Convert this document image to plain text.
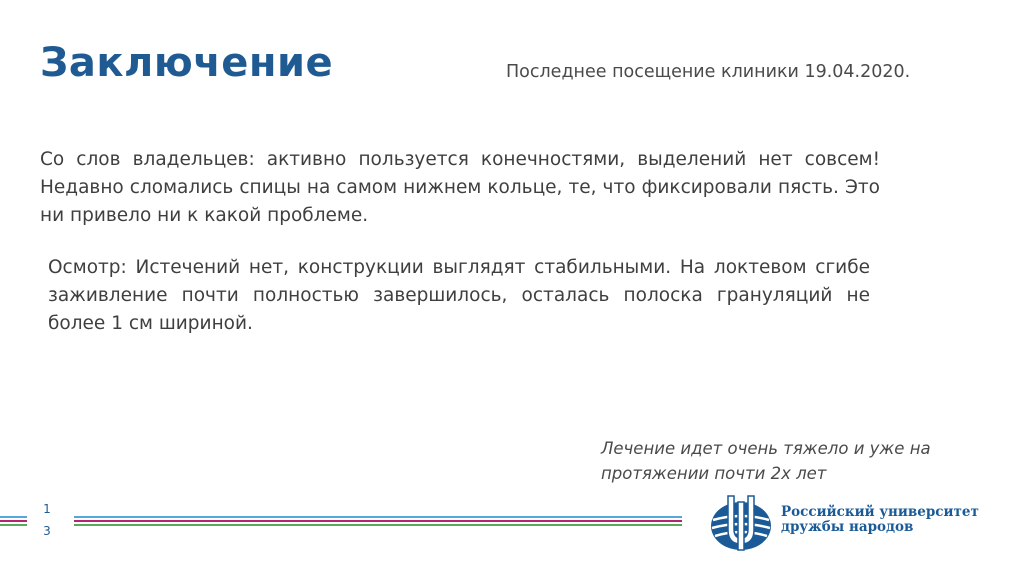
Заключение	Последнее посещение клиники 19.04.2020.
Со слов владельцев: активно пользуется конечностями, выделений нет совсем! Недавно сломались спицы на самом нижнем кольце, те, что фиксировали пясть. Это ни привело ни к какой проблеме.
Осмотр: Истечений нет, конструкции выглядят стабильными. На локтевом сгибе заживление почти полностью завершилось, осталась полоска грануляций не более 1 см шириной.
Лечение идет очень тяжело и уже на
протяжении почти 2х лет
1
3
Российский университет
дружбы народов
